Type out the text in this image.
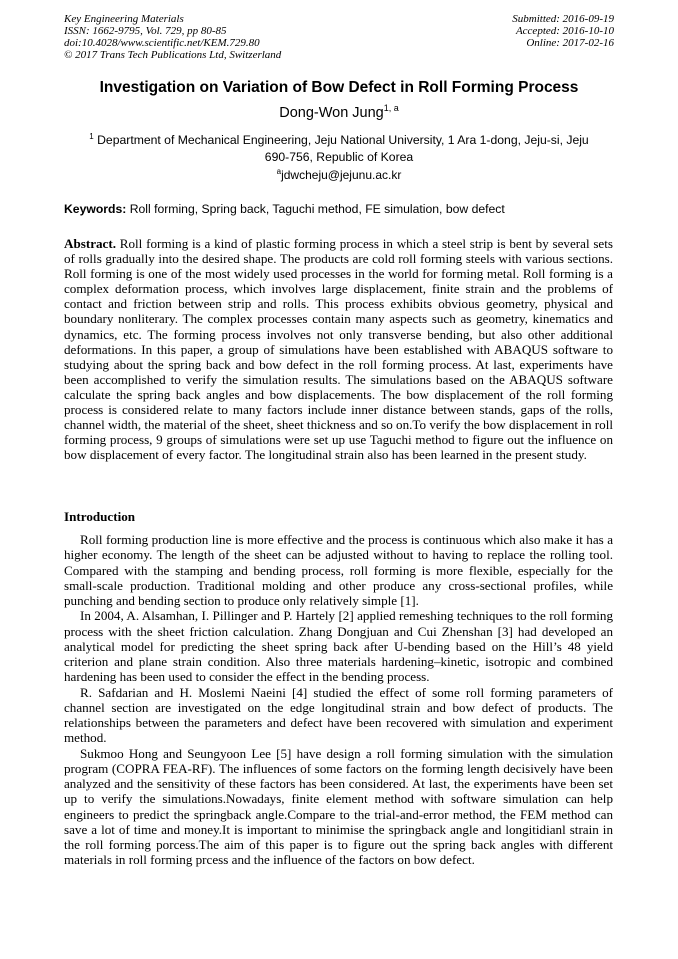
Key Engineering Materials
ISSN: 1662-9795, Vol. 729, pp 80-85
doi:10.4028/www.scientific.net/KEM.729.80
© 2017 Trans Tech Publications Ltd, Switzerland
Submitted: 2016-09-19
Accepted: 2016-10-10
Online: 2017-02-16
Investigation on Variation of Bow Defect in Roll Forming Process
Dong-Won Jung$^{1, a}$
$^1$ Department of Mechanical Engineering, Jeju National University, 1 Ara 1-dong, Jeju-si, Jeju
690-756, Republic of Korea
$^a$jdwcheju@jejunu.ac.kr
Keywords: Roll forming, Spring back, Taguchi method, FE simulation, bow defect
Abstract. Roll forming is a kind of plastic forming process in which a steel strip is bent by several sets of rolls gradually into the desired shape. The products are cold roll forming steels with various sections. Roll forming is one of the most widely used processes in the world for forming metal. Roll forming is a complex deformation process, which involves large displacement, finite strain and the problems of contact and friction between strip and rolls. This process exhibits obvious geometry, physical and boundary nonliterary. The complex processes contain many aspects such as geometry, kinematics and dynamics, etc. The forming process involves not only transverse bending, but also other additional deformations. In this paper, a group of simulations have been established with ABAQUS software to studying about the spring back and bow defect in the roll forming process. At last, experiments have been accomplished to verify the simulation results. The simulations based on the ABAQUS software calculate the spring back angles and bow displacements. The bow displacement of the roll forming process is considered relate to many factors include inner distance between stands, gaps of the rolls, channel width, the material of the sheet, sheet thickness and so on.To verify the bow displacement in roll forming process, 9 groups of simulations were set up use Taguchi method to figure out the influence on bow displacement of every factor. The longitudinal strain also has been learned in the present study.
Introduction

Roll forming production line is more effective and the process is continuous which also make it has a higher economy. The length of the sheet can be adjusted without to having to replace the rolling tool. Compared with the stamping and bending process, roll forming is more flexible, especially for the small-scale production. Traditional molding and other produce any cross-sectional profiles, while punching and bending section to produce only relatively simple [1].

In 2004, A. Alsamhan, I. Pillinger and P. Hartely [2] applied remeshing techniques to the roll forming process with the sheet friction calculation. Zhang Dongjuan and Cui Zhenshan [3] had developed an analytical model for predicting the sheet spring back after U-bending based on the Hill’s 48 yield criterion and plane strain condition. Also three materials hardening–kinetic, isotropic and combined hardening has been used to consider the effect in the bending process.

R. Safdarian and H. Moslemi Naeini [4] studied the effect of some roll forming parameters of channel section are investigated on the edge longitudinal strain and bow defect of products. The relationships between the parameters and defect have been recovered with simulation and experiment method.

Sukmoo Hong and Seungyoon Lee [5] have design a roll forming simulation with the simulation program (COPRA FEA-RF). The influences of some factors on the forming length decisively have been analyzed and the sensitivity of these factors has been considered. At last, the experiments have been set up to verify the simulations.Nowadays, finite element method with software simulation can help engineers to predict the springback angle.Compare to the trial-and-error method, the FEM method can save a lot of time and money.It is important to minimise the springback angle and longitidianl strain in the roll forming porcess.The aim of this paper is to figure out the spring back angles with different materials in roll forming prcess and the influence of the factors on bow defect.
